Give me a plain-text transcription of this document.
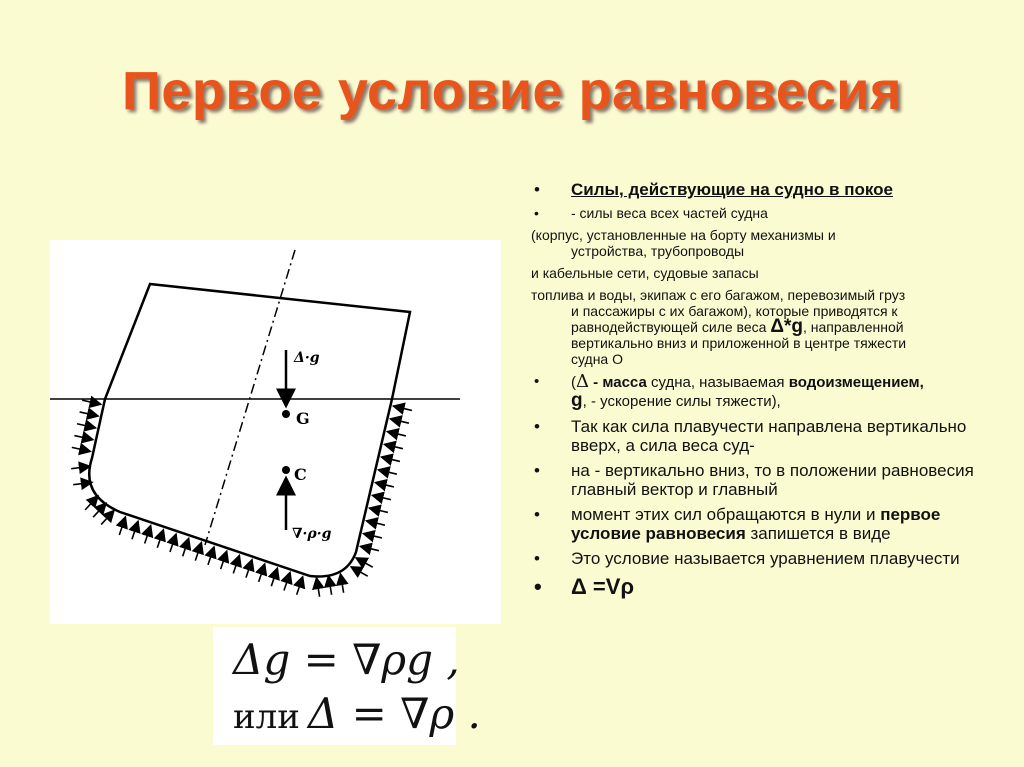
Первое условие равновесия
Δ·g
G
C
∇·ρ·g
Δg = ∇ρg ,
или Δ = ∇ρ .
• Силы, действующие на судно в покое
• - силы веса всех частей судна
(корпус, установленные на борту механизмы и
устройства, трубопроводы
и кабельные сети, судовые запасы
топлива и воды, экипаж с его багажом, перевозимый груз
и пассажиры с их багажом), которые приводятся к
равнодействующей силе веса Δ*g, направленной
вертикально вниз и приложенной в центре тяжести
судна О
• (Δ - масса судна, называемая водоизмещением,
g, - ускорение силы тяжести),
• Так как сила плавучести направлена вертикально вверх, а сила веса суд-
• на - вертикально вниз, то в положении равновесия главный вектор и главный
• момент этих сил обращаются в нули и первое условие равновесия запишется в виде
• Это условие называется уравнением плавучести
• Δ =Vρ
